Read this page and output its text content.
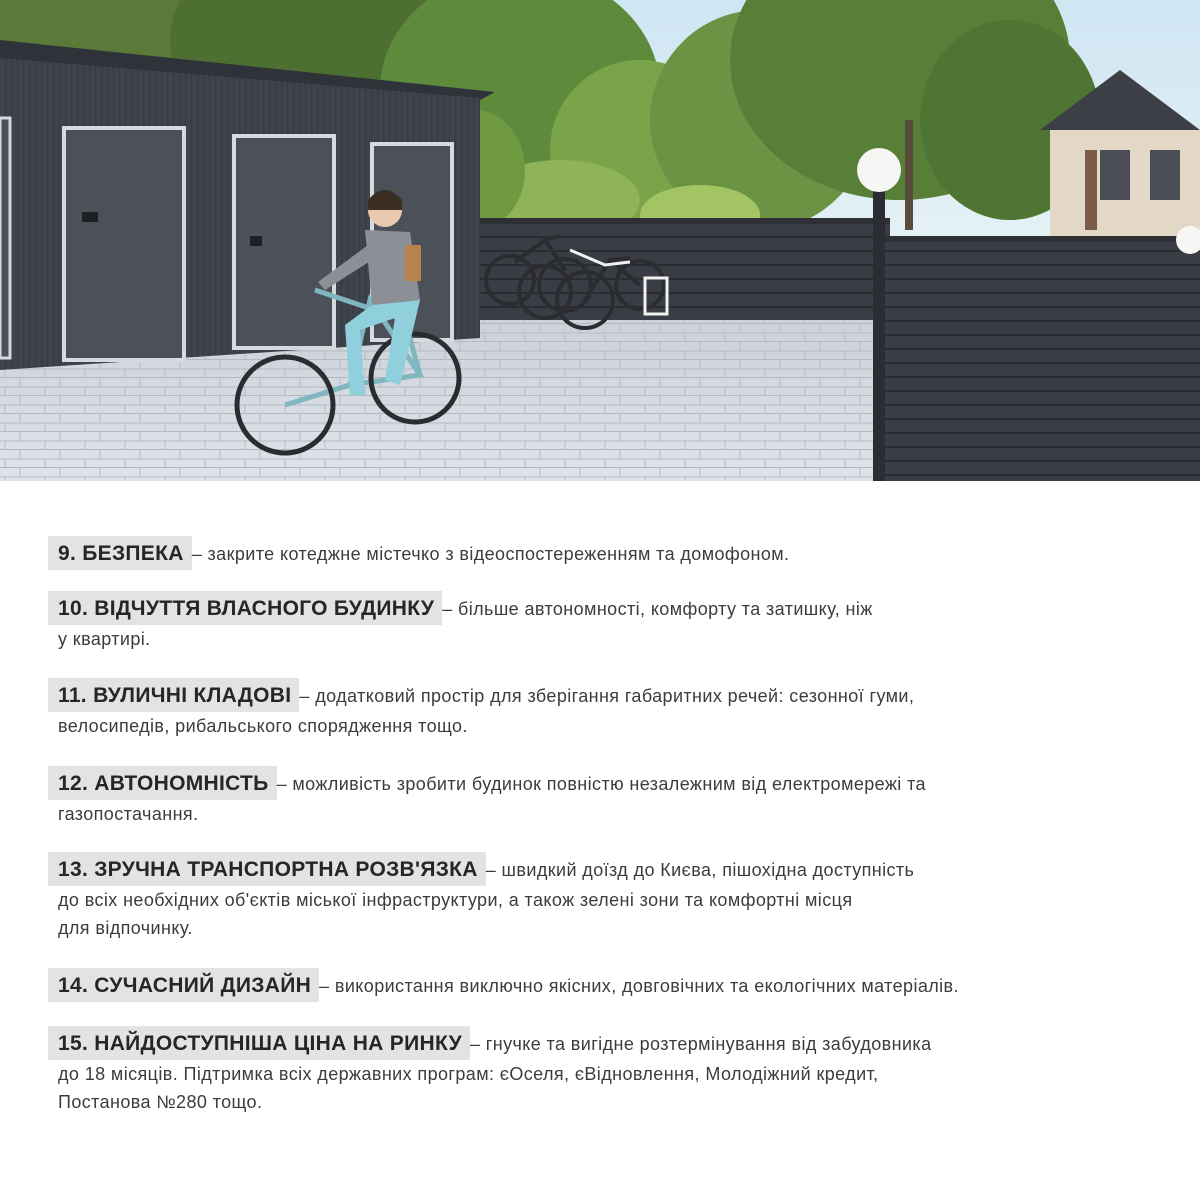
9. БЕЗПЕКА – закрите котеджне містечко з відеоспостереженням та домофоном.
10. ВІДЧУТТЯ ВЛАСНОГО БУДИНКУ – більше автономності, комфорту та затишку, ніж
у квартирі.
11. ВУЛИЧНІ КЛАДОВІ – додатковий простір для зберігання габаритних речей: сезонної гуми,
велосипедів, рибальського спорядження тощо.
12. АВТОНОМНІСТЬ – можливість зробити будинок повністю незалежним від електромережі та
газопостачання.
13. ЗРУЧНА ТРАНСПОРТНА РОЗВ'ЯЗКА – швидкий доїзд до Києва, пішохідна доступність
до всіх необхідних об'єктів міської інфраструктури, а також зелені зони та комфортні місця
для відпочинку.
14. СУЧАСНИЙ ДИЗАЙН – використання виключно якісних, довговічних та екологічних матеріалів.
15. НАЙДОСТУПНІША ЦІНА НА РИНКУ – гнучке та вигідне розтермінування від забудовника
до 18 місяців. Підтримка всіх державних програм: єОселя, єВідновлення, Молодіжний кредит,
Постанова №280 тощо.
